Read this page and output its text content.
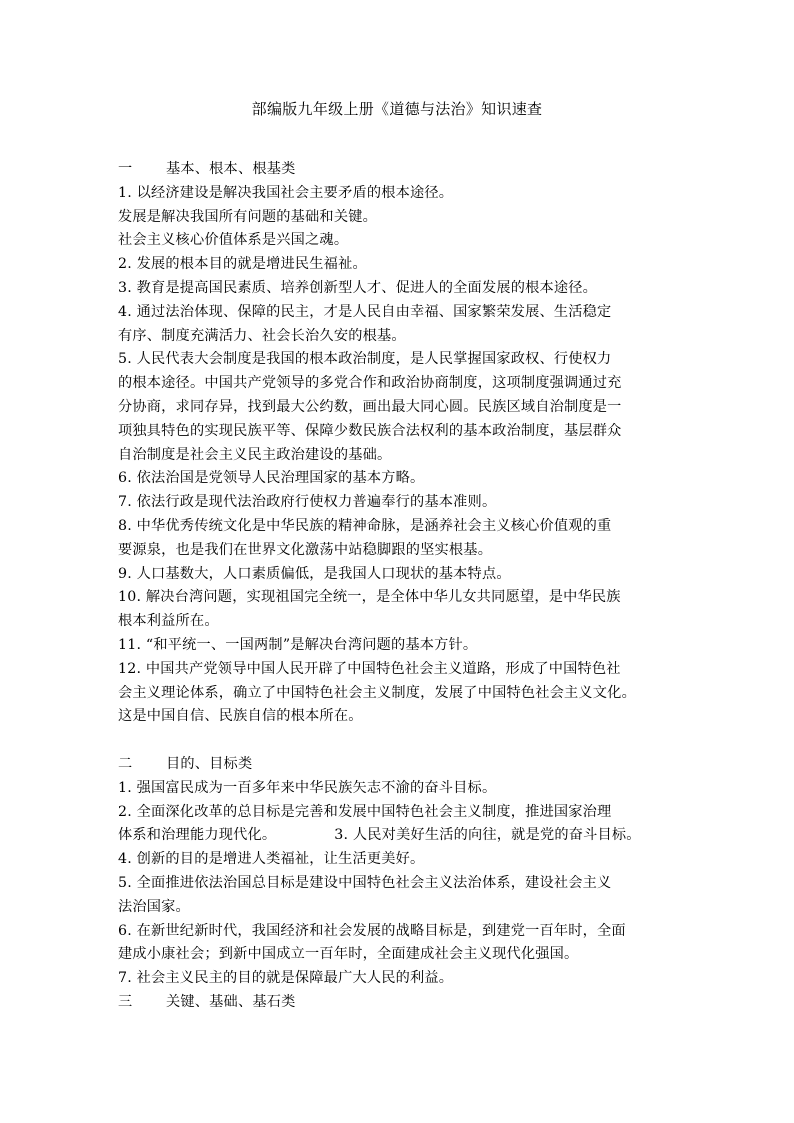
部编版九年级上册《道德与法治》知识速查
一 基本、根本、根基类
1. 以经济建设是解决我国社会主要矛盾的根本途径。
发展是解决我国所有问题的基础和关键。
社会主义核心价值体系是兴国之魂。
2. 发展的根本目的就是增进民生福祉。
3. 教育是提高国民素质、培养创新型人才、促进人的全面发展的根本途径。
4. 通过法治体现、保障的民主，才是人民自由幸福、国家繁荣发展、生活稳定
有序、制度充满活力、社会长治久安的根基。
5. 人民代表大会制度是我国的根本政治制度，是人民掌握国家政权、行使权力
的根本途径。中国共产党领导的多党合作和政治协商制度，这项制度强调通过充
分协商，求同存异，找到最大公约数，画出最大同心圆。民族区域自治制度是一
项独具特色的实现民族平等、保障少数民族合法权利的基本政治制度，基层群众
自治制度是社会主义民主政治建设的基础。
6. 依法治国是党领导人民治理国家的基本方略。
7. 依法行政是现代法治政府行使权力普遍奉行的基本准则。
8. 中华优秀传统文化是中华民族的精神命脉，是涵养社会主义核心价值观的重
要源泉，也是我们在世界文化激荡中站稳脚跟的坚实根基。
9. 人口基数大，人口素质偏低，是我国人口现状的基本特点。
10. 解决台湾问题，实现祖国完全统一，是全体中华儿女共同愿望，是中华民族
根本利益所在。
11. “和平统一、一国两制”是解决台湾问题的基本方针。
12. 中国共产党领导中国人民开辟了中国特色社会主义道路，形成了中国特色社
会主义理论体系，确立了中国特色社会主义制度，发展了中国特色社会主义文化。
这是中国自信、民族自信的根本所在。
二 目的、目标类
1. 强国富民成为一百多年来中华民族矢志不渝的奋斗目标。
2. 全面深化改革的总目标是完善和发展中国特色社会主义制度，推进国家治理
体系和治理能力现代化。	3. 人民对美好生活的向往，就是党的奋斗目标。
4. 创新的目的是增进人类福祉，让生活更美好。
5. 全面推进依法治国总目标是建设中国特色社会主义法治体系，建设社会主义
法治国家。
6. 在新世纪新时代，我国经济和社会发展的战略目标是，到建党一百年时，全面
建成小康社会；到新中国成立一百年时，全面建成社会主义现代化强国。
7. 社会主义民主的目的就是保障最广大人民的利益。
三 关键、基础、基石类
